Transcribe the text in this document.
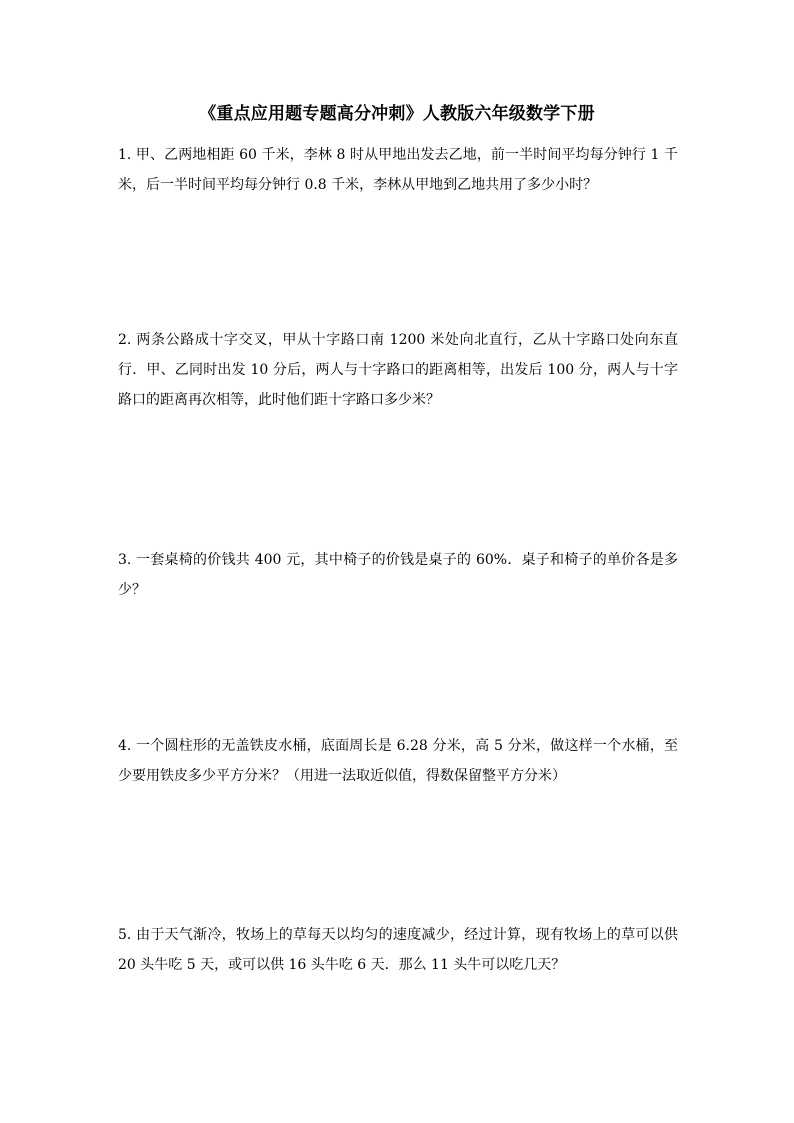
《重点应用题专题高分冲刺》人教版六年级数学下册
1. 甲、乙两地相距 60 千米，李林 8 时从甲地出发去乙地，前一半时间平均每分钟行 1 千米，后一半时间平均每分钟行 0.8 千米，李林从甲地到乙地共用了多少小时？
2. 两条公路成十字交叉，甲从十字路口南 1200 米处向北直行，乙从十字路口处向东直行．甲、乙同时出发 10 分后，两人与十字路口的距离相等，出发后 100 分，两人与十字路口的距离再次相等，此时他们距十字路口多少米？
3. 一套桌椅的价钱共 400 元，其中椅子的价钱是桌子的 60%．桌子和椅子的单价各是多少？
4. 一个圆柱形的无盖铁皮水桶，底面周长是 6.28 分米，高 5 分米，做这样一个水桶，至少要用铁皮多少平方分米？（用进一法取近似值，得数保留整平方分米）
5. 由于天气渐冷，牧场上的草每天以均匀的速度减少，经过计算，现有牧场上的草可以供 20 头牛吃 5 天，或可以供 16 头牛吃 6 天．那么 11 头牛可以吃几天？
